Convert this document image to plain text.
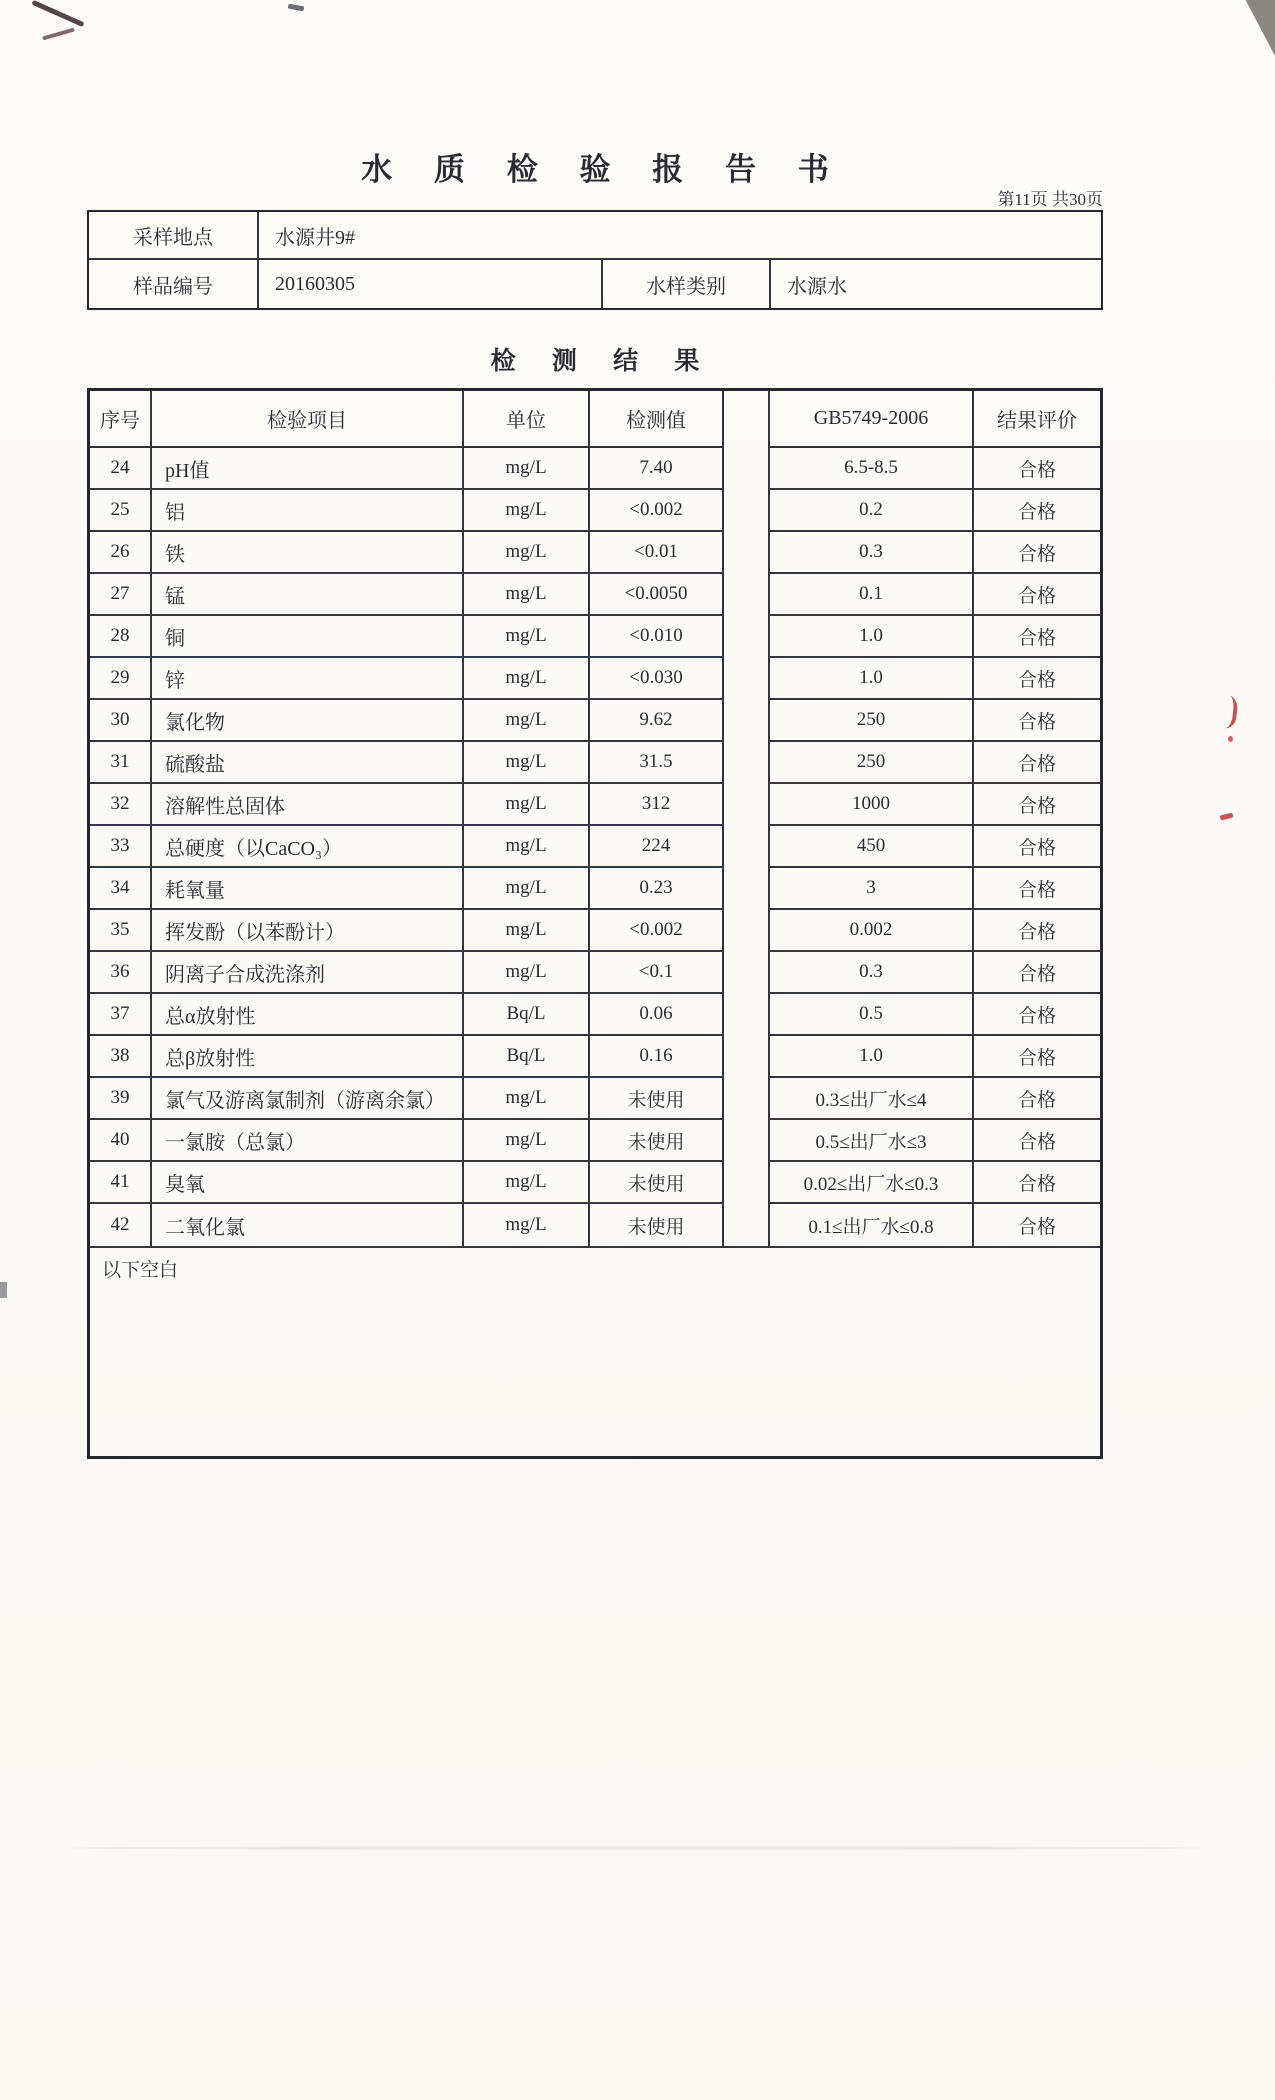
水 质 检 验 报 告 书
第11页 共30页
采样地点	水源井9#
样品编号	20160305	水样类别	水源水
检 测 结 果
序号	检验项目	单位	检测值	GB5749-2006	结果评价
24	pH值	mg/L	7.40	6.5-8.5	合格
25	铝	mg/L	<0.002	0.2	合格
26	铁	mg/L	<0.01	0.3	合格
27	锰	mg/L	<0.0050	0.1	合格
28	铜	mg/L	<0.010	1.0	合格
29	锌	mg/L	<0.030	1.0	合格
30	氯化物	mg/L	9.62	250	合格
31	硫酸盐	mg/L	31.5	250	合格
32	溶解性总固体	mg/L	312	1000	合格
33	总硬度（以CaCO₃）	mg/L	224	450	合格
34	耗氧量	mg/L	0.23	3	合格
35	挥发酚（以苯酚计）	mg/L	<0.002	0.002	合格
36	阴离子合成洗涤剂	mg/L	<0.1	0.3	合格
37	总α放射性	Bq/L	0.06	0.5	合格
38	总β放射性	Bq/L	0.16	1.0	合格
39	氯气及游离氯制剂（游离余氯）	mg/L	未使用	0.3≤出厂水≤4	合格
40	一氯胺（总氯）	mg/L	未使用	0.5≤出厂水≤3	合格
41	臭氧	mg/L	未使用	0.02≤出厂水≤0.3	合格
42	二氧化氯	mg/L	未使用	0.1≤出厂水≤0.8	合格
以下空白
